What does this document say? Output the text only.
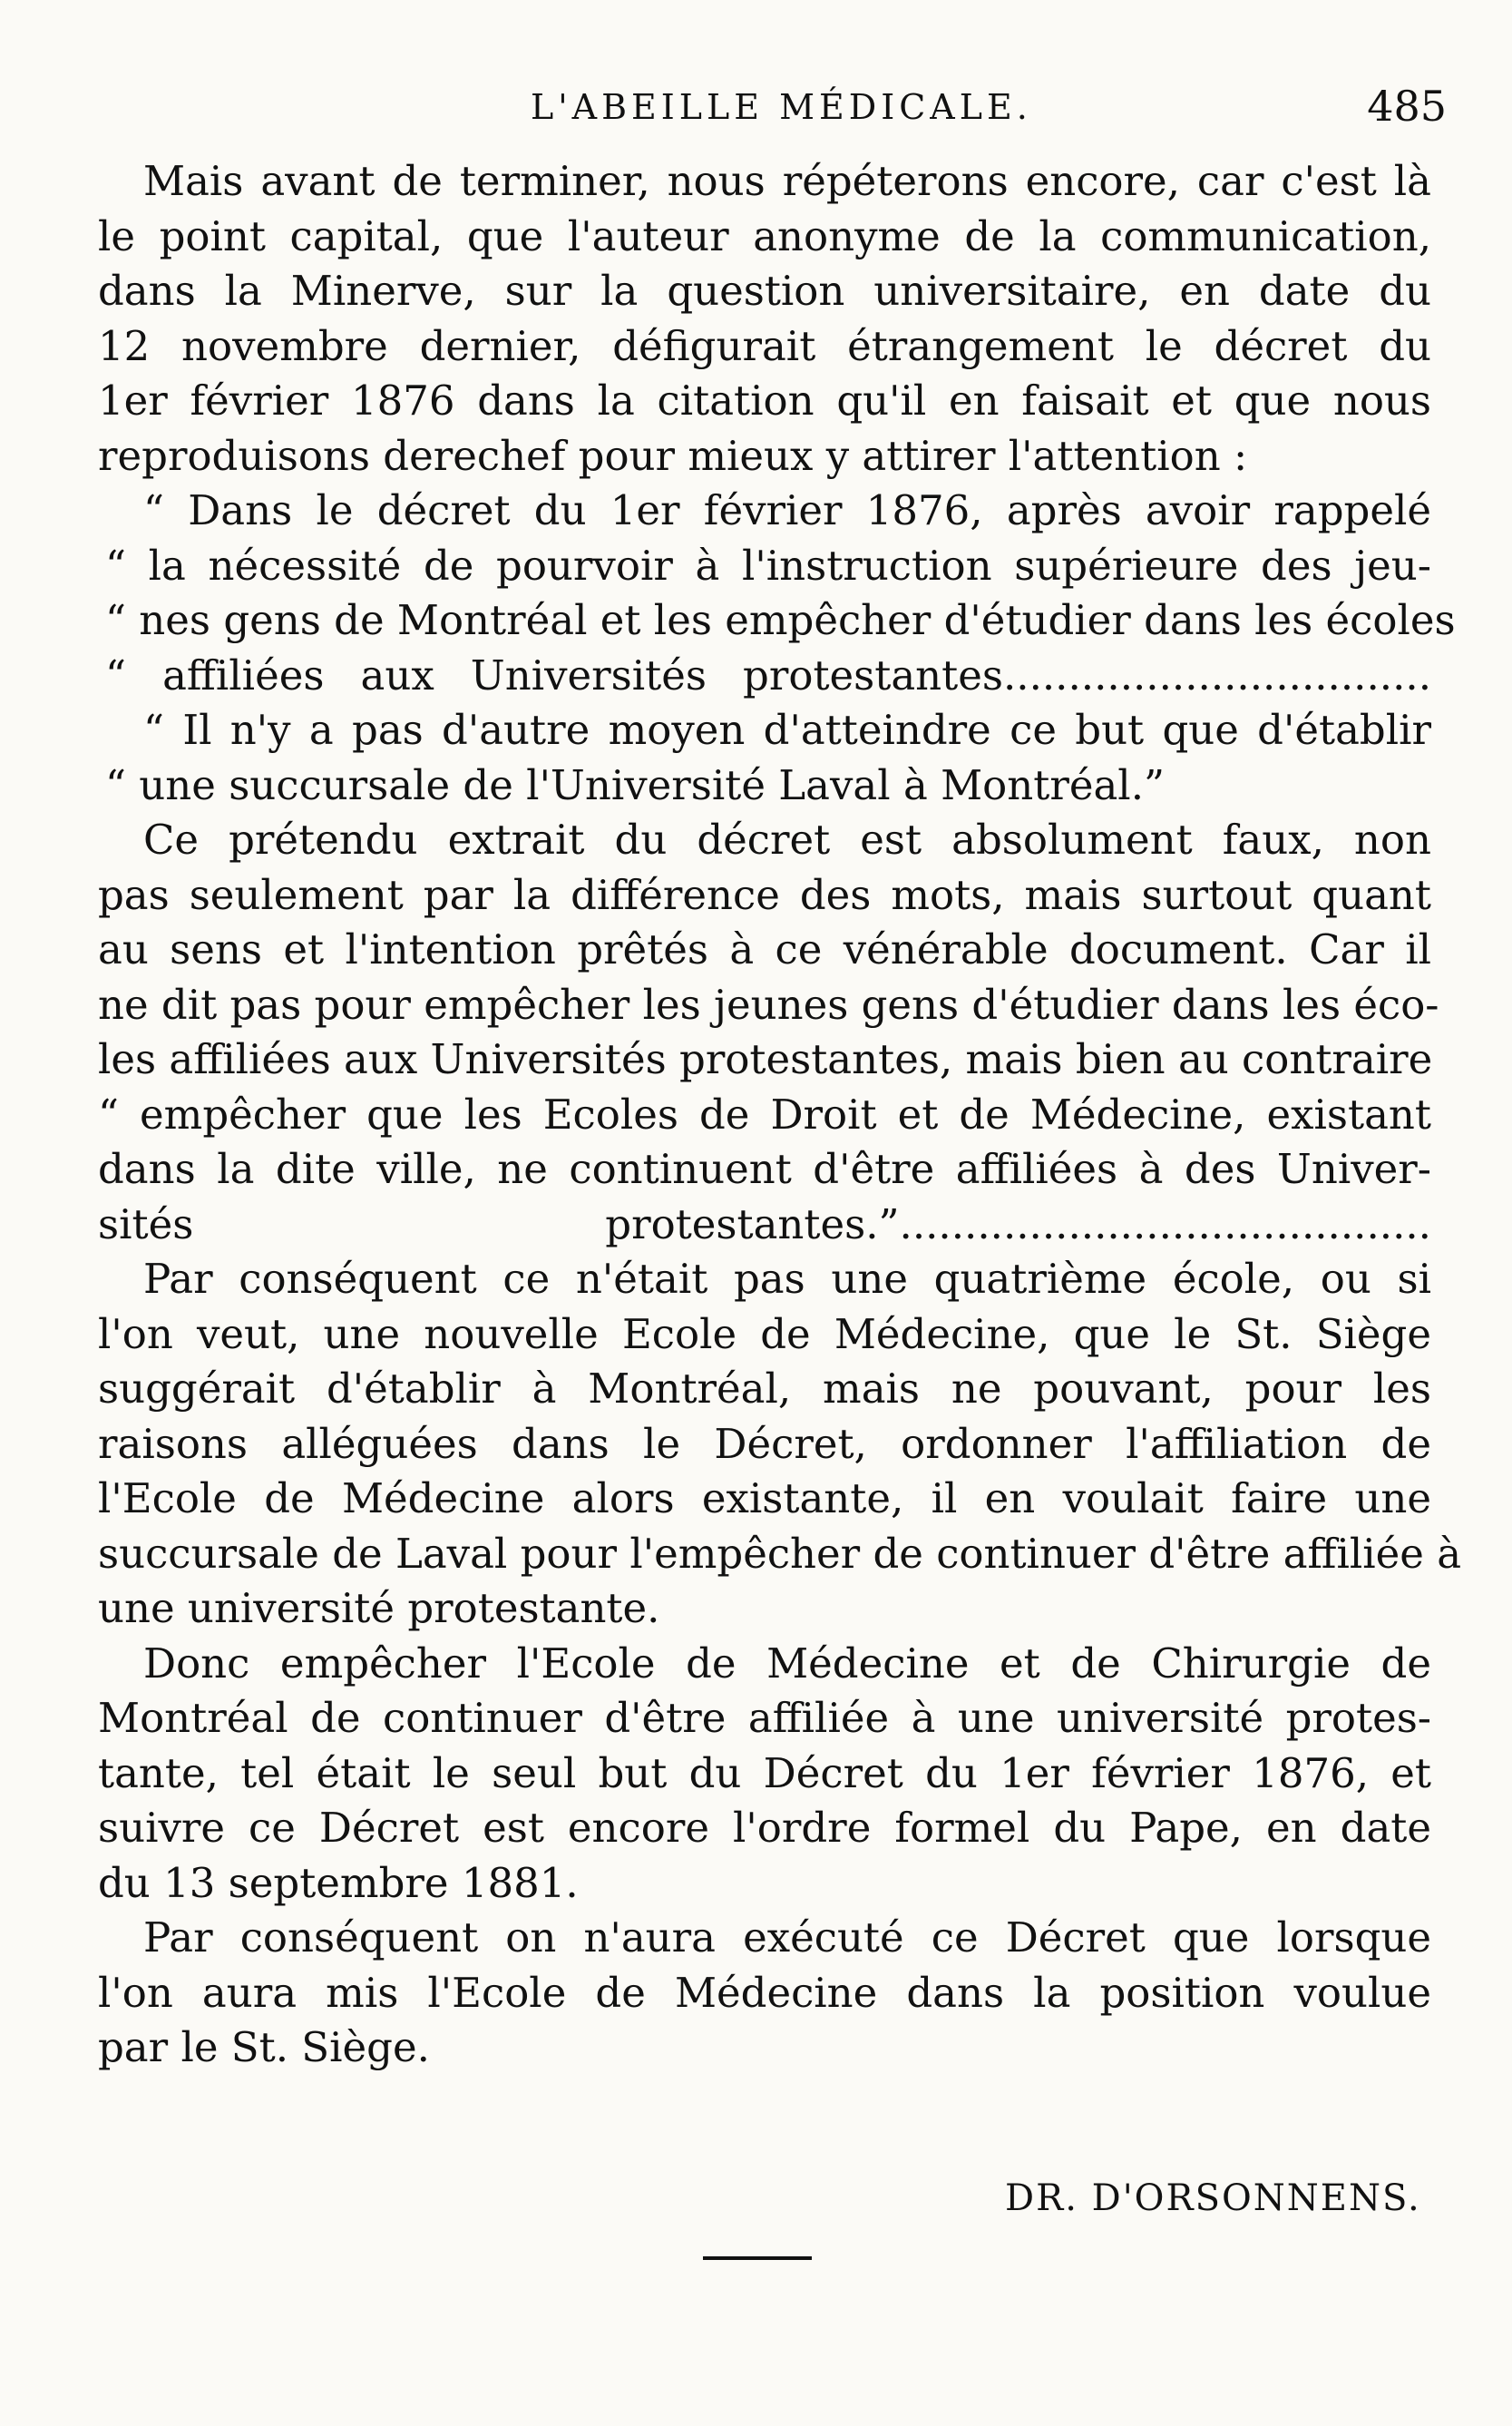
L'ABEILLE MÉDICALE.	485
Mais avant de terminer, nous répéterons encore, car c'est là
le point capital, que l'auteur anonyme de la communication,
dans la Minerve, sur la question universitaire, en date du
12 novembre dernier, défigurait étrangement le décret du
1er février 1876 dans la citation qu'il en faisait et que nous
reproduisons derechef pour mieux y attirer l'attention :
“ Dans le décret du 1er février 1876, après avoir rappelé
“ la nécessité de pourvoir à l'instruction supérieure des jeu-
“ nes gens de Montréal et les empêcher d'étudier dans les écoles
“ affiliées aux Universités protestantes.................................
“ Il n'y a pas d'autre moyen d'atteindre ce but que d'établir
“ une succursale de l'Université Laval à Montréal.”
Ce prétendu extrait du décret est absolument faux, non
pas seulement par la différence des mots, mais surtout quant
au sens et l'intention prêtés à ce vénérable document. Car il
ne dit pas pour empêcher les jeunes gens d'étudier dans les éco-
les affiliées aux Universités protestantes, mais bien au contraire
“ empêcher que les Ecoles de Droit et de Médecine, existant
dans la dite ville, ne continuent d'être affiliées à des Univer-
sités protestantes.”.........................................
Par conséquent ce n'était pas une quatrième école, ou si
l'on veut, une nouvelle Ecole de Médecine, que le St. Siège
suggérait d'établir à Montréal, mais ne pouvant, pour les
raisons alléguées dans le Décret, ordonner l'affiliation de
l'Ecole de Médecine alors existante, il en voulait faire une
succursale de Laval pour l'empêcher de continuer d'être affiliée à
une université protestante.
Donc empêcher l'Ecole de Médecine et de Chirurgie de
Montréal de continuer d'être affiliée à une université protes-
tante, tel était le seul but du Décret du 1er février 1876, et
suivre ce Décret est encore l'ordre formel du Pape, en date
du 13 septembre 1881.
Par conséquent on n'aura exécuté ce Décret que lorsque
l'on aura mis l'Ecole de Médecine dans la position voulue
par le St. Siège.
DR. D'ORSONNENS.
